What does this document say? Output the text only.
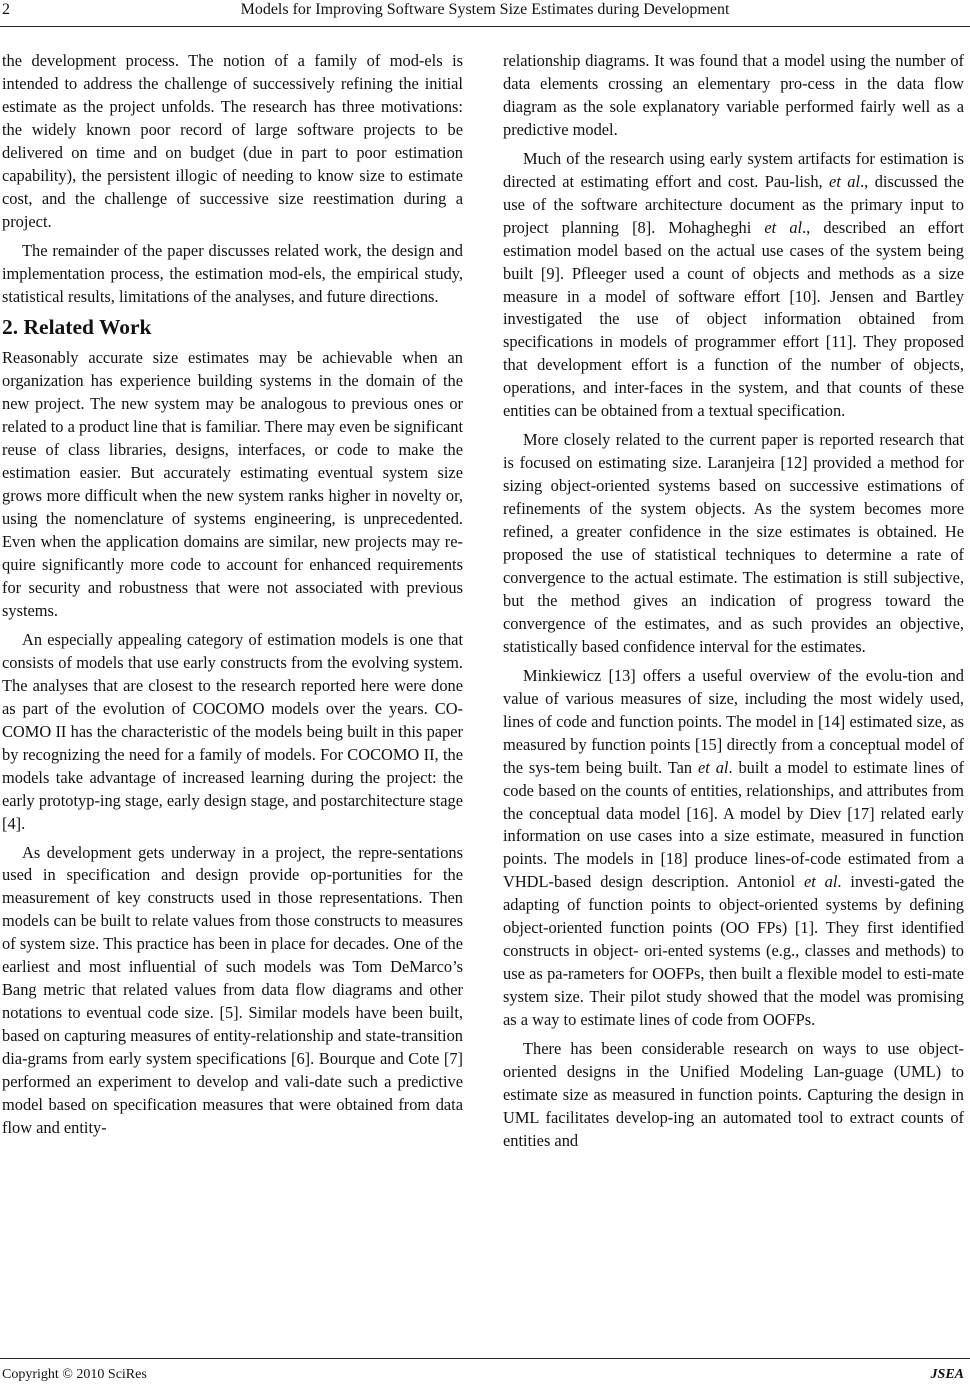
2	Models for Improving Software System Size Estimates during Development

the development process. The notion of a family of mod-els is intended to address the challenge of successively refining the initial estimate as the project unfolds. The research has three motivations: the widely known poor record of large software projects to be delivered on time and on budget (due in part to poor estimation capability), the persistent illogic of needing to know size to estimate cost, and the challenge of successive size reestimation during a project.

The remainder of the paper discusses related work, the design and implementation process, the estimation mod-els, the empirical study, statistical results, limitations of the analyses, and future directions.

2. Related Work

Reasonably accurate size estimates may be achievable when an organization has experience building systems in the domain of the new project. The new system may be analogous to previous ones or related to a product line that is familiar. There may even be significant reuse of class libraries, designs, interfaces, or code to make the estimation easier. But accurately estimating eventual system size grows more difficult when the new system ranks higher in novelty or, using the nomenclature of systems engineering, is unprecedented. Even when the application domains are similar, new projects may re-quire significantly more code to account for enhanced requirements for security and robustness that were not associated with previous systems.

An especially appealing category of estimation models is one that consists of models that use early constructs from the evolving system. The analyses that are closest to the research reported here were done as part of the evolution of COCOMO models over the years. CO-COMO II has the characteristic of the models being built in this paper by recognizing the need for a family of models. For COCOMO II, the models take advantage of increased learning during the project: the early prototyp-ing stage, early design stage, and postarchitecture stage [4].

As development gets underway in a project, the repre-sentations used in specification and design provide op-portunities for the measurement of key constructs used in those representations. Then models can be built to relate values from those constructs to measures of system size. This practice has been in place for decades. One of the earliest and most influential of such models was Tom DeMarco’s Bang metric that related values from data flow diagrams and other notations to eventual code size. [5]. Similar models have been built, based on capturing measures of entity-relationship and state-transition dia-grams from early system specifications [6]. Bourque and Cote [7] performed an experiment to develop and vali-date such a predictive model based on specification measures that were obtained from data flow and entity-

relationship diagrams. It was found that a model using the number of data elements crossing an elementary pro-cess in the data flow diagram as the sole explanatory variable performed fairly well as a predictive model.

Much of the research using early system artifacts for estimation is directed at estimating effort and cost. Pau-lish, et al., discussed the use of the software architecture document as the primary input to project planning [8]. Mohagheghi et al., described an effort estimation model based on the actual use cases of the system being built [9]. Pfleeger used a count of objects and methods as a size measure in a model of software effort [10]. Jensen and Bartley investigated the use of object information obtained from specifications in models of programmer effort [11]. They proposed that development effort is a function of the number of objects, operations, and inter-faces in the system, and that counts of these entities can be obtained from a textual specification.

More closely related to the current paper is reported research that is focused on estimating size. Laranjeira [12] provided a method for sizing object-oriented systems based on successive estimations of refinements of the system objects. As the system becomes more refined, a greater confidence in the size estimates is obtained. He proposed the use of statistical techniques to determine a rate of convergence to the actual estimate. The estimation is still subjective, but the method gives an indication of progress toward the convergence of the estimates, and as such provides an objective, statistically based confidence interval for the estimates.

Minkiewicz [13] offers a useful overview of the evolu-tion and value of various measures of size, including the most widely used, lines of code and function points. The model in [14] estimated size, as measured by function points [15] directly from a conceptual model of the sys-tem being built. Tan et al. built a model to estimate lines of code based on the counts of entities, relationships, and attributes from the conceptual data model [16]. A model by Diev [17] related early information on use cases into a size estimate, measured in function points. The models in [18] produce lines-of-code estimated from a VHDL-based design description. Antoniol et al. investi-gated the adapting of function points to object-oriented systems by defining object-oriented function points (OO FPs) [1]. They first identified constructs in object- ori-ented systems (e.g., classes and methods) to use as pa-rameters for OOFPs, then built a flexible model to esti-mate system size. Their pilot study showed that the model was promising as a way to estimate lines of code from OOFPs.

There has been considerable research on ways to use object-oriented designs in the Unified Modeling Lan-guage (UML) to estimate size as measured in function points. Capturing the design in UML facilitates develop-ing an automated tool to extract counts of entities and

Copyright © 2010 SciRes	JSEA
